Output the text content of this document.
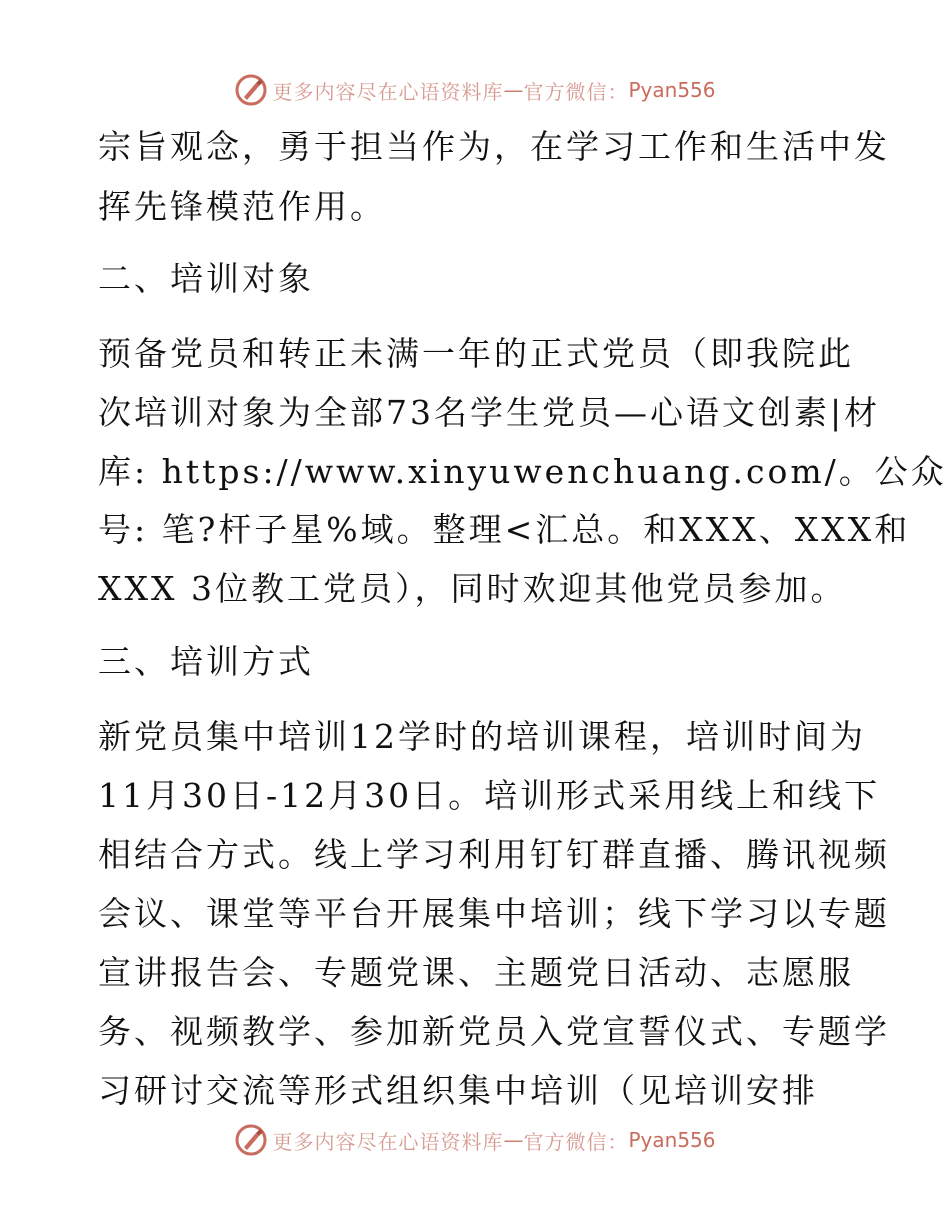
更多内容尽在心语资料库 — 官方微信： Pyan556
宗旨观念，勇于担当作为，在学习工作和生活中发
挥先锋模范作用。
二、培训对象
预备党员和转正未满一年的正式党员（即我院此
次培训对象为全部73名学生党员—心语文创素|材
库: https://www.xinyuwenchuang.com/。公众
号: 笔?杆子星%域。整理<汇总。和XXX、XXX和
XXX 3位教工党员），同时欢迎其他党员参加。
三、培训方式
新党员集中培训12学时的培训课程，培训时间为
11月30日-12月30日。培训形式采用线上和线下
相结合方式。线上学习利用钉钉群直播、腾讯视频
会议、课堂等平台开展集中培训；线下学习以专题
宣讲报告会、专题党课、主题党日活动、志愿服
务、视频教学、参加新党员入党宣誓仪式、专题学
习研讨交流等形式组织集中培训（见培训安排
更多内容尽在心语资料库 — 官方微信： Pyan556
